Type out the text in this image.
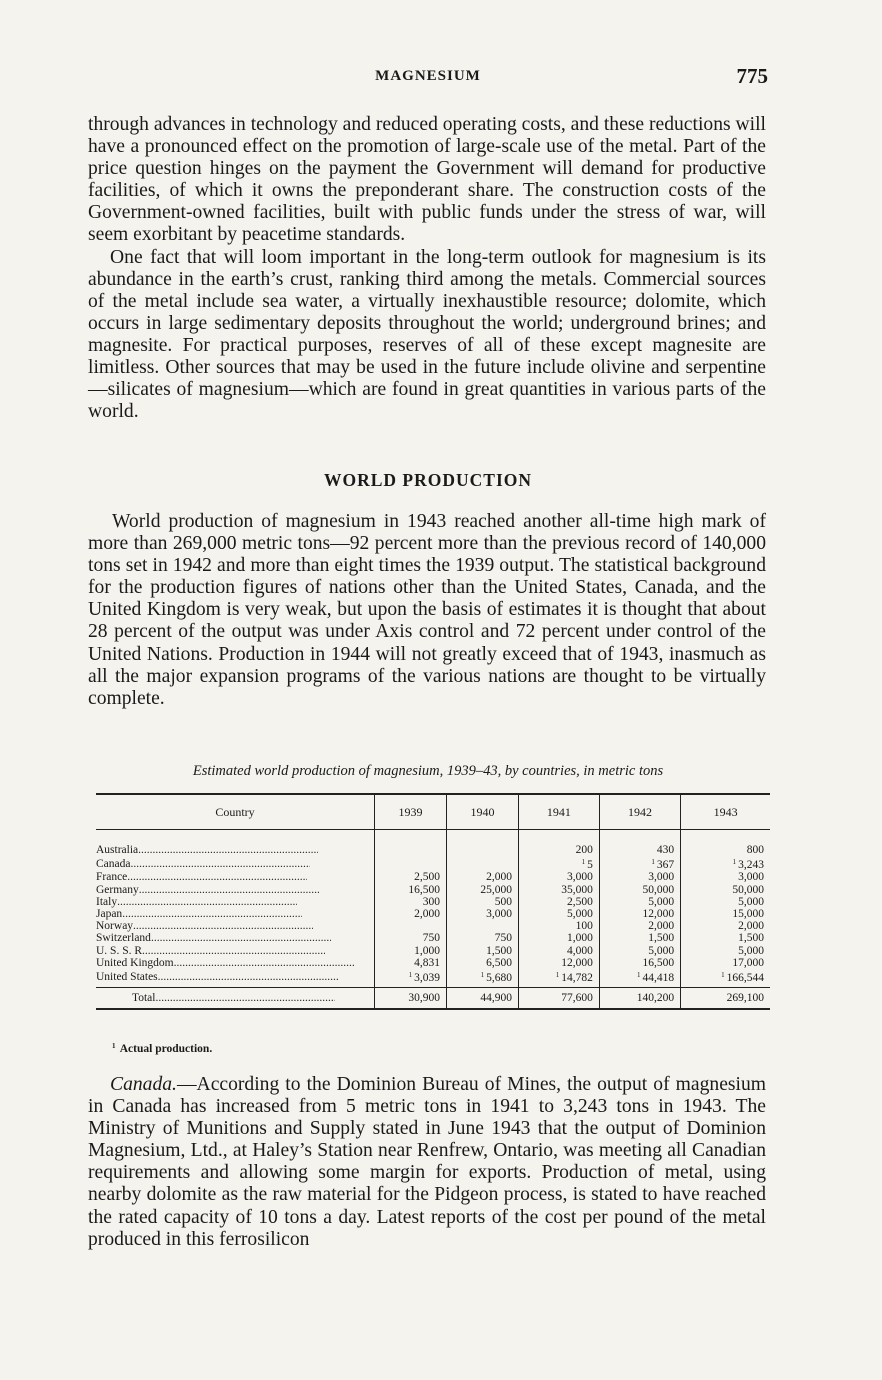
MAGNESIUM	775

through advances in technology and reduced operating costs, and these reductions will have a pronounced effect on the promotion of large-scale use of the metal. Part of the price question hinges on the payment the Government will demand for productive facilities, of which it owns the preponderant share. The construction costs of the Government-owned facilities, built with public funds under the stress of war, will seem exorbitant by peacetime standards.

One fact that will loom important in the long-term outlook for magnesium is its abundance in the earth’s crust, ranking third among the metals. Commercial sources of the metal include sea water, a virtually inexhaustible resource; dolomite, which occurs in large sedimentary deposits throughout the world; underground brines; and magnesite. For practical purposes, reserves of all of these except magnesite are limitless. Other sources that may be used in the future include olivine and serpentine—silicates of magnesium—which are found in great quantities in various parts of the world.

WORLD PRODUCTION
World production of magnesium in 1943 reached another all-time high mark of more than 269,000 metric tons—92 percent more than the previous record of 140,000 tons set in 1942 and more than eight times the 1939 output. The statistical background for the production figures of nations other than the United States, Canada, and the United Kingdom is very weak, but upon the basis of estimates it is thought that about 28 percent of the output was under Axis control and 72 percent under control of the United Nations. Production in 1944 will not greatly exceed that of 1943, inasmuch as all the major expansion programs of the various nations are thought to be virtually complete.
Estimated world production of magnesium, 1939–43, by countries, in metric tons
Country	1939	1940	1941	1942	1943
Australia.....			200	430	800
Canada.....			$^1$ 5	$^1$ 367	$^1$ 3,243
France.....	2,500	2,000	3,000	3,000	3,000
Germany.....	16,500	25,000	35,000	50,000	50,000
Italy.....	300	500	2,500	5,000	5,000
Japan.....	2,000	3,000	5,000	12,000	15,000
Norway.....			100	2,000	2,000
Switzerland.....	750	750	1,000	1,500	1,500
U. S. S. R......	1,000	1,500	4,000	5,000	5,000
United Kingdom.....	4,831	6,500	12,000	16,500	17,000
United States.....	$^1$ 3,039	$^1$ 5,680	$^1$ 14,782	$^1$ 44,418	$^1$ 166,544
Total.....	30,900	44,900	77,600	140,200	269,100
$^1$ Actual production.
Canada.—According to the Dominion Bureau of Mines, the output of magnesium in Canada has increased from 5 metric tons in 1941 to 3,243 tons in 1943. The Ministry of Munitions and Supply stated in June 1943 that the output of Dominion Magnesium, Ltd., at Haley’s Station near Renfrew, Ontario, was meeting all Canadian requirements and allowing some margin for exports. Production of metal, using nearby dolomite as the raw material for the Pidgeon process, is stated to have reached the rated capacity of 10 tons a day. Latest reports of the cost per pound of the metal produced in this ferrosilicon
